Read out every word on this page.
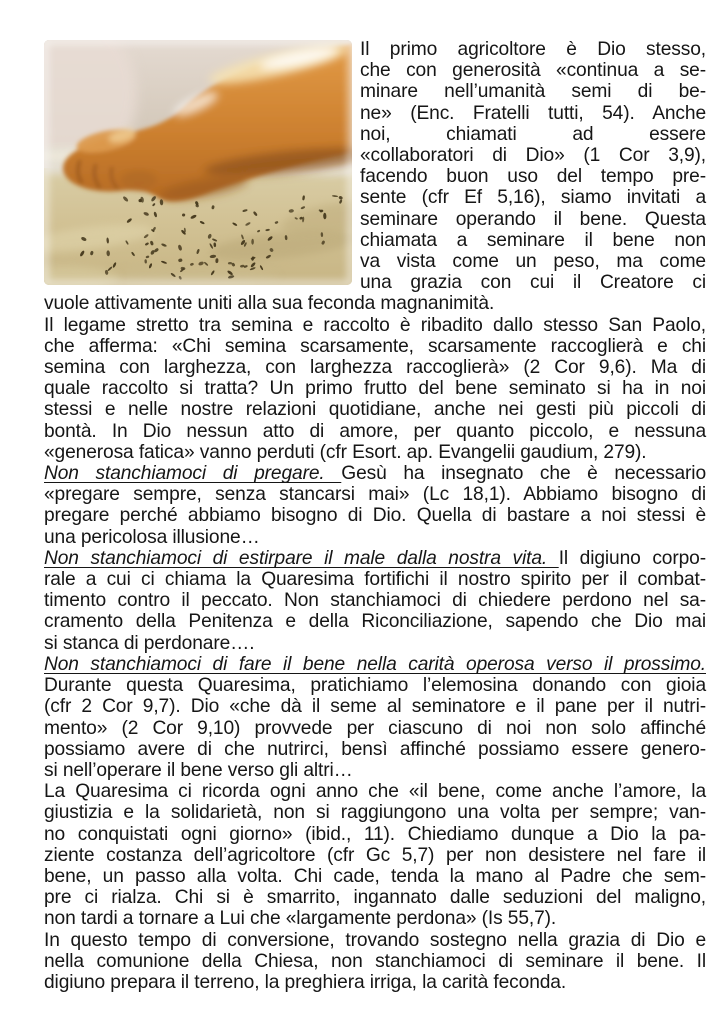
Il primo agricoltore è Dio stesso,
che con generosità «continua a se-
minare nell’umanità semi di be-
ne» (Enc. Fratelli tutti, 54). Anche
noi, chiamati ad essere
«collaboratori di Dio» (1 Cor 3,9),
facendo buon uso del tempo pre-
sente (cfr Ef 5,16), siamo invitati a
seminare operando il bene. Questa
chiamata a seminare il bene non
va vista come un peso, ma come
una grazia con cui il Creatore ci
vuole attivamente uniti alla sua feconda magnanimità.
Il legame stretto tra semina e raccolto è ribadito dallo stesso San Paolo,
che afferma: «Chi semina scarsamente, scarsamente raccoglierà e chi
semina con larghezza, con larghezza raccoglierà» (2 Cor 9,6). Ma di
quale raccolto si tratta? Un primo frutto del bene seminato si ha in noi
stessi e nelle nostre relazioni quotidiane, anche nei gesti più piccoli di
bontà. In Dio nessun atto di amore, per quanto piccolo, e nessuna
«generosa fatica» vanno perduti (cfr Esort. ap. Evangelii gaudium, 279).
Non stanchiamoci di pregare. Gesù ha insegnato che è necessario
«pregare sempre, senza stancarsi mai» (Lc 18,1). Abbiamo bisogno di
pregare perché abbiamo bisogno di Dio. Quella di bastare a noi stessi è
una pericolosa illusione…
Non stanchiamoci di estirpare il male dalla nostra vita. Il digiuno corpo-
rale a cui ci chiama la Quaresima fortifichi il nostro spirito per il combat-
timento contro il peccato. Non stanchiamoci di chiedere perdono nel sa-
cramento della Penitenza e della Riconciliazione, sapendo che Dio mai
si stanca di perdonare….
Non stanchiamoci di fare il bene nella carità operosa verso il prossimo.
Durante questa Quaresima, pratichiamo l’elemosina donando con gioia
(cfr 2 Cor 9,7). Dio «che dà il seme al seminatore e il pane per il nutri-
mento» (2 Cor 9,10) provvede per ciascuno di noi non solo affinché
possiamo avere di che nutrirci, bensì affinché possiamo essere genero-
si nell’operare il bene verso gli altri…
La Quaresima ci ricorda ogni anno che «il bene, come anche l’amore, la
giustizia e la solidarietà, non si raggiungono una volta per sempre; van-
no conquistati ogni giorno» (ibid., 11). Chiediamo dunque a Dio la pa-
ziente costanza dell’agricoltore (cfr Gc 5,7) per non desistere nel fare il
bene, un passo alla volta. Chi cade, tenda la mano al Padre che sem-
pre ci rialza. Chi si è smarrito, ingannato dalle seduzioni del maligno,
non tardi a tornare a Lui che «largamente perdona» (Is 55,7).
In questo tempo di conversione, trovando sostegno nella grazia di Dio e
nella comunione della Chiesa, non stanchiamoci di seminare il bene. Il
digiuno prepara il terreno, la preghiera irriga, la carità feconda.
